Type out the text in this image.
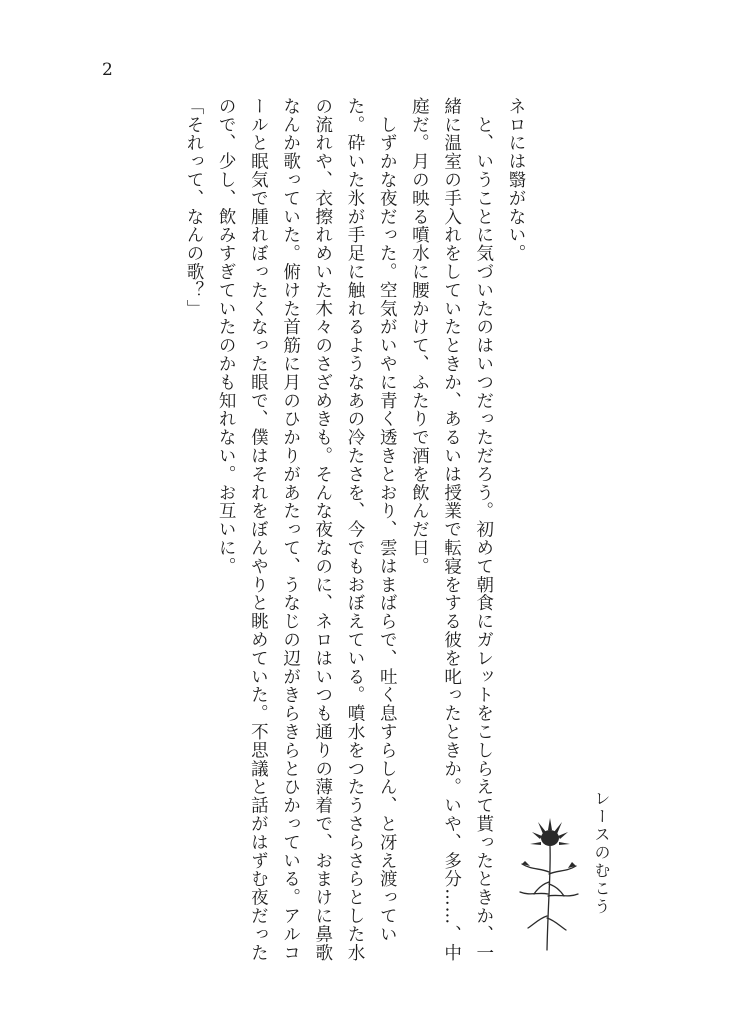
2

ネロには翳がない。

　と、いうことに気づいたのはいつだっただろう。初めて朝食にガレットをこしらえて貰ったときか、一緒に温室の手入れをしていたときか、あるいは授業で転寝をする彼を叱ったときか。いや、多分……、中庭だ。月の映る噴水に腰かけて、ふたりで酒を飲んだ日。

　しずかな夜だった。空気がいやに青く透きとおり、雲はまばらで、吐く息すらしん、と冴え渡っていた。砕いた氷が手足に触れるようなあの冷たさを、今でもおぼえている。噴水をつたうさらさらとした水の流れや、衣擦れめいた木々のさざめきも。そんな夜なのに、ネロはいつも通りの薄着で、おまけに鼻歌なんか歌っていた。俯けた首筋に月のひかりがあたって、うなじの辺がきらきらとひかっている。アルコールと眠気で腫れぼったくなった眼で、僕はそれをぼんやりと眺めていた。不思議と話がはずむ夜だったので、少し、飲みすぎていたのかも知れない。お互いに。

「それって、なんの歌？」

レースのむこう
